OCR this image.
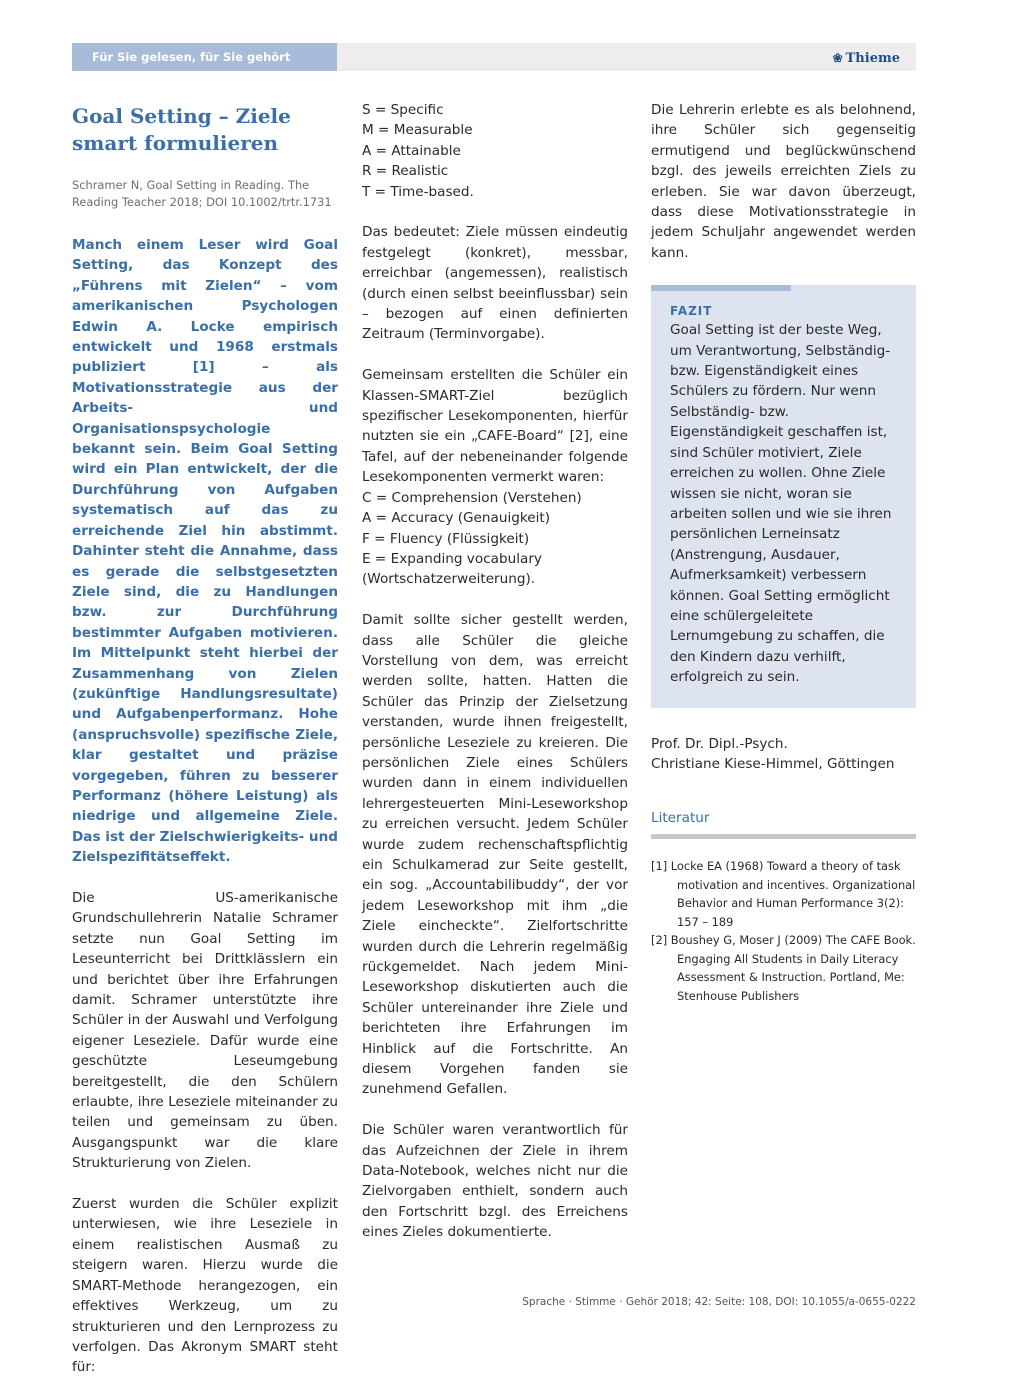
Für Sie gelesen, für Sie gehört	❀ Thieme
Goal Setting – Ziele smart formulieren
Schramer N, Goal Setting in Reading. The Reading Teacher 2018; DOI 10.1002/trtr.1731

Manch einem Leser wird Goal Setting, das Konzept des „Führens mit Zielen“ – vom amerikanischen Psychologen Edwin A. Locke empirisch entwickelt und 1968 erstmals publiziert [1] – als Motivationsstrategie aus der Arbeits- und Organisationspsychologie bekannt sein. Beim Goal Setting wird ein Plan entwickelt, der die Durchführung von Aufgaben systematisch auf das zu erreichende Ziel hin abstimmt. Dahinter steht die Annahme, dass es gerade die selbstgesetzten Ziele sind, die zu Handlungen bzw. zur Durchführung bestimmter Aufgaben motivieren. Im Mittelpunkt steht hierbei der Zusammenhang von Zielen (zukünftige Handlungsresultate) und Aufgabenperformanz. Hohe (anspruchsvolle) spezifische Ziele, klar gestaltet und präzise vorgegeben, führen zu besserer Performanz (höhere Leistung) als niedrige und allgemeine Ziele. Das ist der Zielschwierigkeits- und Zielspezifitätseffekt.

Die US-amerikanische Grundschullehrerin Natalie Schramer setzte nun Goal Setting im Leseunterricht bei Drittklässlern ein und berichtet über ihre Erfahrungen damit. Schramer unterstützte ihre Schüler in der Auswahl und Verfolgung eigener Leseziele. Dafür wurde eine geschützte Leseumgebung bereitgestellt, die den Schülern erlaubte, ihre Leseziele miteinander zu teilen und gemeinsam zu üben. Ausgangspunkt war die klare Strukturierung von Zielen.

Zuerst wurden die Schüler explizit unterwiesen, wie ihre Leseziele in einem realistischen Ausmaß zu steigern waren. Hierzu wurde die SMART-Methode herangezogen, ein effektives Werkzeug, um zu strukturieren und den Lernprozess zu verfolgen. Das Akronym SMART steht für:

S = Specific
M = Measurable
A = Attainable
R = Realistic
T = Time-based.

Das bedeutet: Ziele müssen eindeutig festgelegt (konkret), messbar, erreichbar (angemessen), realistisch (durch einen selbst beeinflussbar) sein – bezogen auf einen definierten Zeitraum (Terminvorgabe).

Gemeinsam erstellten die Schüler ein Klassen-SMART-Ziel bezüglich spezifischer Lesekomponenten, hierfür nutzten sie ein „CAFE-Board“ [2], eine Tafel, auf der nebeneinander folgende Lesekomponenten vermerkt waren:

C = Comprehension (Verstehen)
A = Accuracy (Genauigkeit)
F = Fluency (Flüssigkeit)
E = Expanding vocabulary
(Wortschatzerweiterung).

Damit sollte sicher gestellt werden, dass alle Schüler die gleiche Vorstellung von dem, was erreicht werden sollte, hatten. Hatten die Schüler das Prinzip der Zielsetzung verstanden, wurde ihnen freigestellt, persönliche Leseziele zu kreieren. Die persönlichen Ziele eines Schülers wurden dann in einem individuellen lehrergesteuerten Mini-Leseworkshop zu erreichen versucht. Jedem Schüler wurde zudem rechenschaftspflichtig ein Schulkamerad zur Seite gestellt, ein sog. „Accountabilibuddy“, der vor jedem Leseworkshop mit ihm „die Ziele eincheckte“. Zielfortschritte wurden durch die Lehrerin regelmäßig rückgemeldet. Nach jedem Mini-Leseworkshop diskutierten auch die Schüler untereinander ihre Ziele und berichteten ihre Erfahrungen im Hinblick auf die Fortschritte. An diesem Vorgehen fanden sie zunehmend Gefallen.

Die Schüler waren verantwortlich für das Aufzeichnen der Ziele in ihrem Data-Notebook, welches nicht nur die Zielvorgaben enthielt, sondern auch den Fortschritt bzgl. des Erreichens eines Zieles dokumentierte.

Die Lehrerin erlebte es als belohnend, ihre Schüler sich gegenseitig ermutigend und beglückwünschend bzgl. des jeweils erreichten Ziels zu erleben. Sie war davon überzeugt, dass diese Motivationsstrategie in jedem Schuljahr angewendet werden kann.

FAZIT
Goal Setting ist der beste Weg, um Verantwortung, Selbständig- bzw. Eigenständigkeit eines Schülers zu fördern. Nur wenn Selbständig- bzw. Eigenständigkeit geschaffen ist, sind Schüler motiviert, Ziele erreichen zu wollen. Ohne Ziele wissen sie nicht, woran sie arbeiten sollen und wie sie ihren persönlichen Lerneinsatz (Anstrengung, Ausdauer, Aufmerksamkeit) verbessern können. Goal Setting ermöglicht eine schülergeleitete Lernumgebung zu schaffen, die den Kindern dazu verhilft, erfolgreich zu sein.
Prof. Dr. Dipl.-Psych.
Christiane Kiese-Himmel, Göttingen
Literatur
[1] Locke EA (1968) Toward a theory of task motivation and incentives. Organizational Behavior and Human Performance 3(2): 157 – 189
[2] Boushey G, Moser J (2009) The CAFE Book. Engaging All Students in Daily Literacy Assessment & Instruction. Portland, Me: Stenhouse Publishers
Sprache · Stimme · Gehör 2018; 42: Seite: 108, DOI: 10.1055/a-0655-0222
